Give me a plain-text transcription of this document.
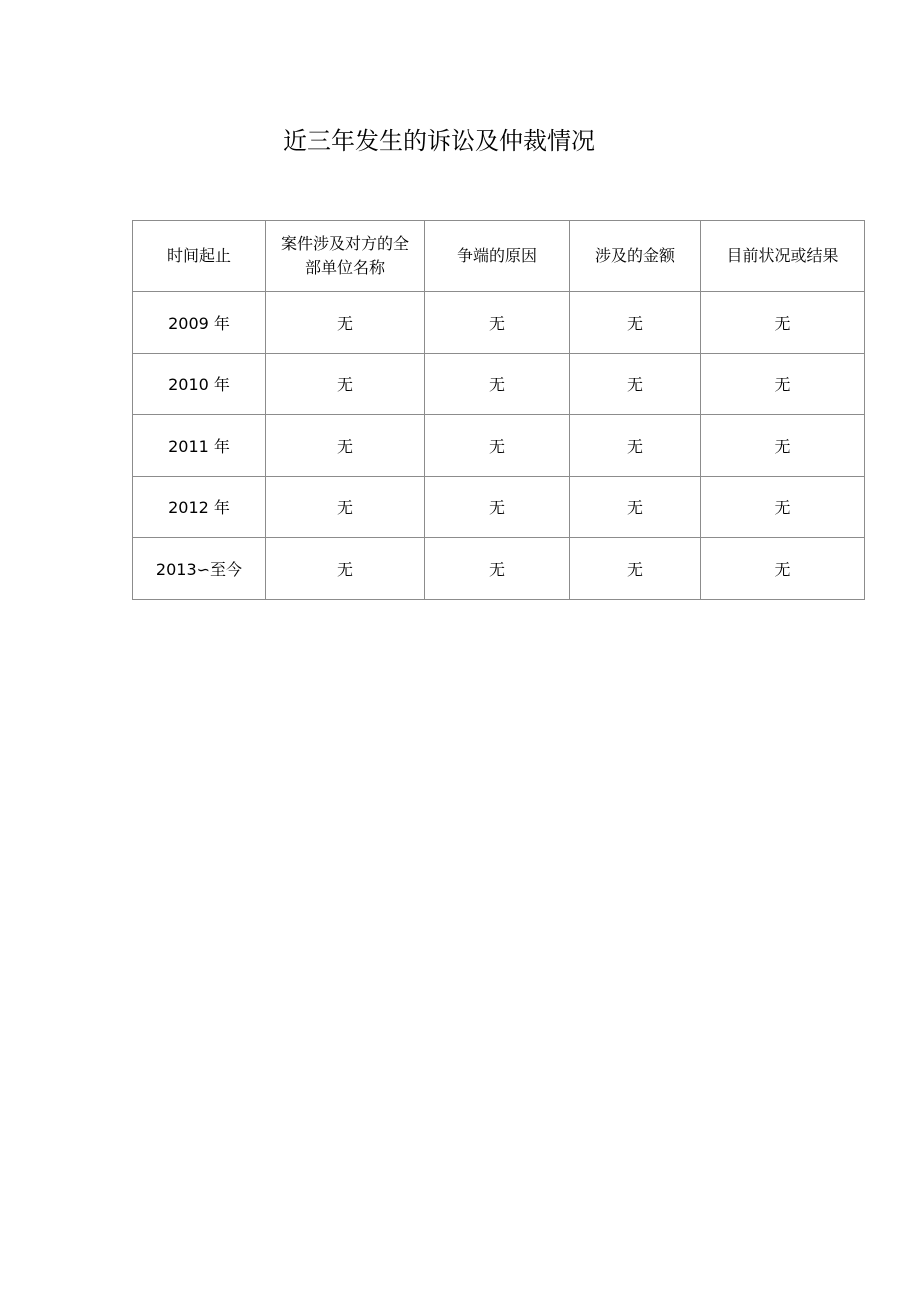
近三年发生的诉讼及仲裁情况
时间起止	案件涉及对方的全部单位名称	争端的原因	涉及的金额	目前状况或结果
2009 年	无	无	无	无
2010 年	无	无	无	无
2011 年	无	无	无	无
2012 年	无	无	无	无
2013∽至今	无	无	无	无
